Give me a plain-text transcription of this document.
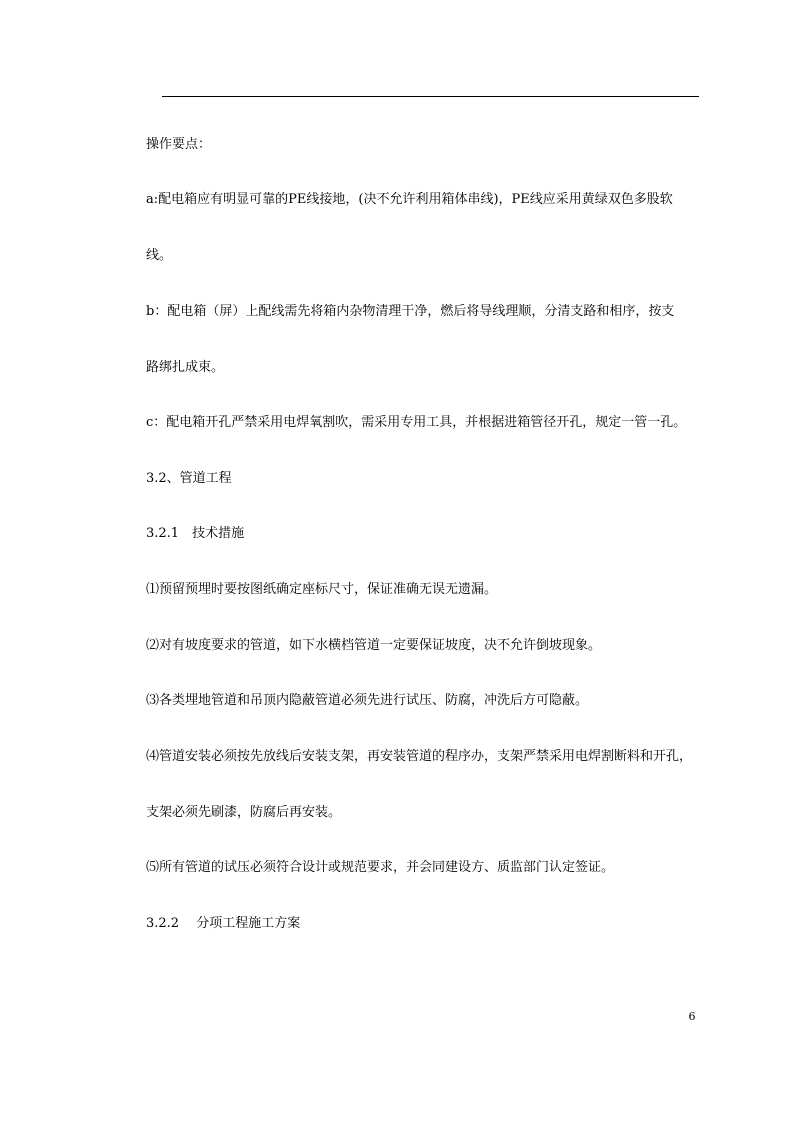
操作要点：
a:配电箱应有明显可靠的PE线接地，(决不允许利用箱体串线)，PE线应采用黄绿双色多股软
线。
b：配电箱（屏）上配线需先将箱内杂物清理干净，燃后将导线理顺，分清支路和相序，按支
路绑扎成束。
c：配电箱开孔严禁采用电焊氧割吹，需采用专用工具，并根据进箱管径开孔，规定一管一孔。
3.2、管道工程
3.2.1　技术措施
⑴预留预埋时要按图纸确定座标尺寸，保证准确无误无遗漏。
⑵对有坡度要求的管道，如下水横档管道一定要保证坡度，决不允许倒坡现象。
⑶各类埋地管道和吊顶内隐蔽管道必须先进行试压、防腐，冲洗后方可隐蔽。
⑷管道安装必须按先放线后安装支架，再安装管道的程序办，支架严禁采用电焊割断料和开孔，
支架必须先刷漆，防腐后再安装。
⑸所有管道的试压必须符合设计或规范要求，并会同建设方、质监部门认定签证。
3.2.2　 分项工程施工方案
6
